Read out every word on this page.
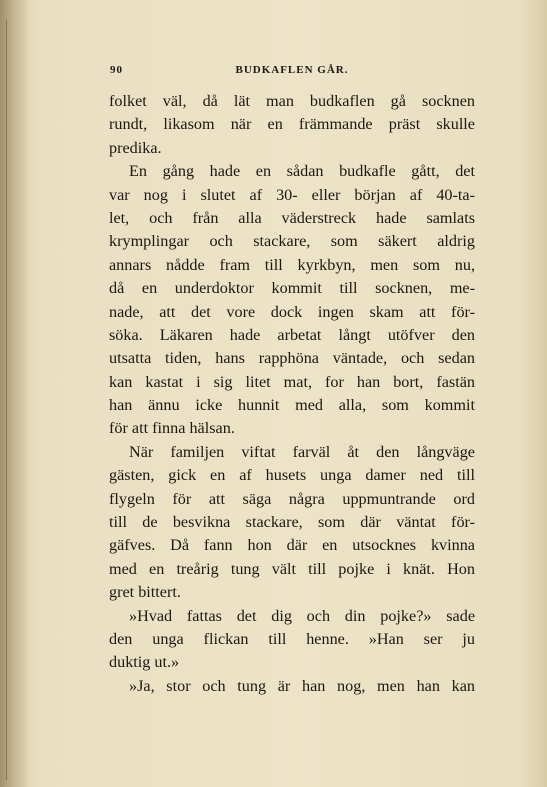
90	BUDKAFLEN GÅR.
folket väl, då lät man budkaflen gå socknen
rundt, likasom när en främmande präst skulle
predika.
En gång hade en sådan budkafle gått, det
var nog i slutet af 30- eller början af 40-ta-
let, och från alla väderstreck hade samlats
krymplingar och stackare, som säkert aldrig
annars nådde fram till kyrkbyn, men som nu,
då en underdoktor kommit till socknen, me-
nade, att det vore dock ingen skam att för-
söka. Läkaren hade arbetat långt utöfver den
utsatta tiden, hans rapphöna väntade, och sedan
kan kastat i sig litet mat, for han bort, fastän
han ännu icke hunnit med alla, som kommit
för att finna hälsan.
När familjen viftat farväl åt den långväge
gästen, gick en af husets unga damer ned till
flygeln för att säga några uppmuntrande ord
till de besvikna stackare, som där väntat för-
gäfves. Då fann hon där en utsocknes kvinna
med en treårig tung vält till pojke i knät. Hon
gret bittert.
»Hvad fattas det dig och din pojke?» sade
den unga flickan till henne. »Han ser ju
duktig ut.»
»Ja, stor och tung är han nog, men han kan
